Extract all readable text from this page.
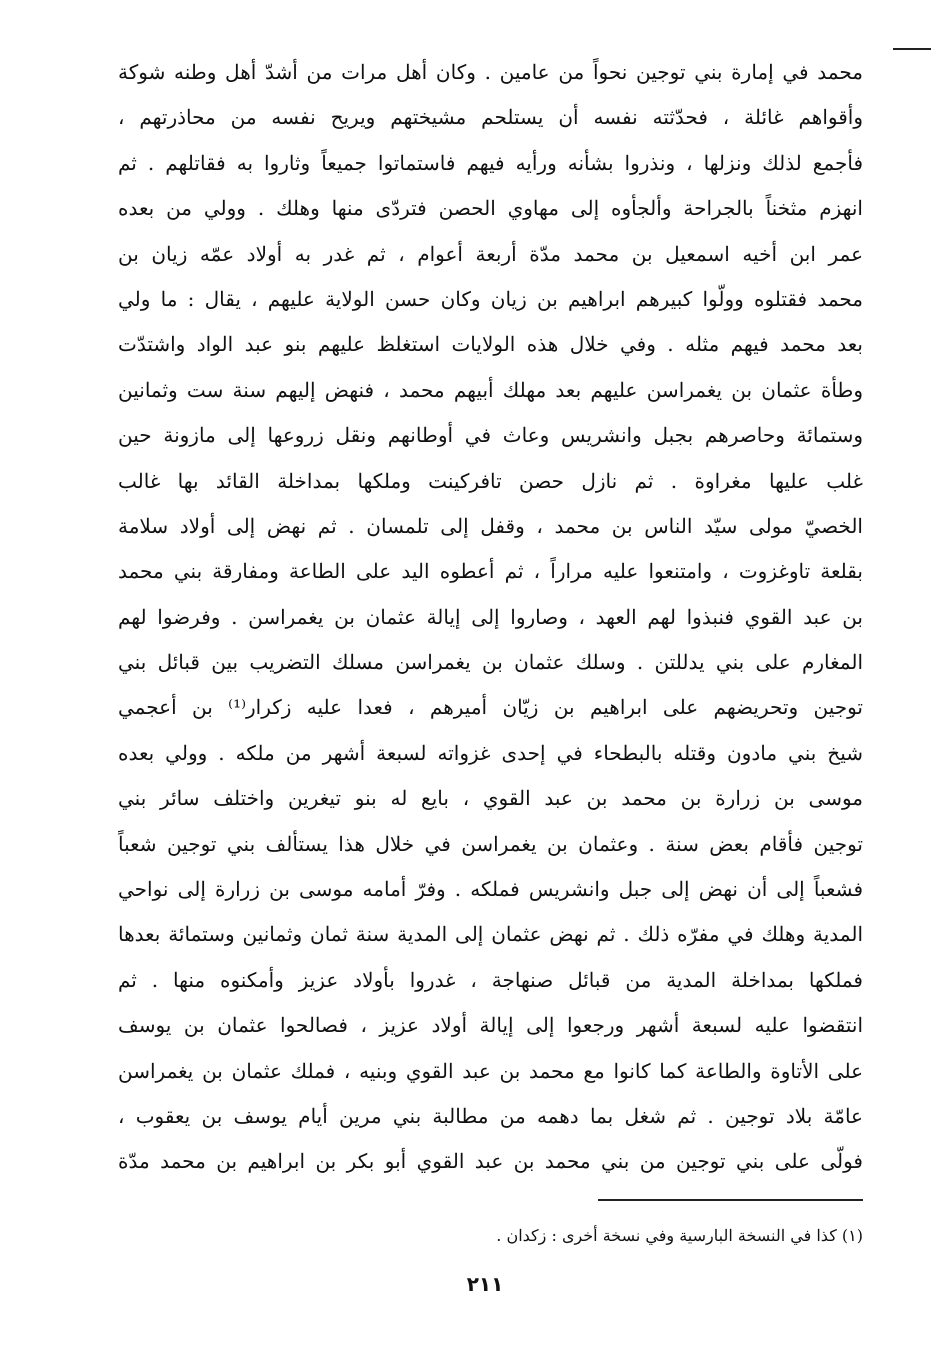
محمد في إمارة بني توجين نحواً من عامين . وكان أهل مرات من أشدّ أهل وطنه شوكة
وأقواهم غائلة ، فحدّثته نفسه أن يستلحم مشيختهم ويريح نفسه من محاذرتهم ،
فأجمع لذلك ونزلها ، ونذروا بشأنه ورأيه فيهم فاستماتوا جميعاً وثاروا به فقاتلهم . ثم
انهزم مثخناً بالجراحة وألجأوه إلى مهاوي الحصن فتردّى منها وهلك . وولي من بعده
عمر ابن أخيه اسمعيل بن محمد مدّة أربعة أعوام ، ثم غدر به أولاد عمّه زيان بن
محمد فقتلوه وولّوا كبيرهم ابراهيم بن زيان وكان حسن الولاية عليهم ، يقال : ما ولي
بعد محمد فيهم مثله . وفي خلال هذه الولايات استغلظ عليهم بنو عبد الواد واشتدّت
وطأة عثمان بن يغمراسن عليهم بعد مهلك أبيهم محمد ، فنهض إليهم سنة ست وثمانين
وستمائة وحاصرهم بجبل وانشريس وعاث في أوطانهم ونقل زروعها إلى مازونة حين
غلب عليها مغراوة . ثم نازل حصن تافركينت وملكها بمداخلة القائد بها غالب
الخصيّ مولى سيّد الناس بن محمد ، وقفل إلى تلمسان . ثم نهض إلى أولاد سلامة
بقلعة تاوغزوت ، وامتنعوا عليه مراراً ، ثم أعطوه اليد على الطاعة ومفارقة بني محمد
بن عبد القوي فنبذوا لهم العهد ، وصاروا إلى إيالة عثمان بن يغمراسن . وفرضوا لهم
المغارم على بني يدللتن . وسلك عثمان بن يغمراسن مسلك التضريب بين قبائل بني
توجين وتحريضهم على ابراهيم بن زيّان أميرهم ، فعدا عليه زكرار⁽¹⁾ بن أعجمي
شيخ بني مادون وقتله بالبطحاء في إحدى غزواته لسبعة أشهر من ملكه . وولي بعده
موسى بن زرارة بن محمد بن عبد القوي ، بايع له بنو تيغرين واختلف سائر بني
توجين فأقام بعض سنة . وعثمان بن يغمراسن في خلال هذا يستألف بني توجين شعباً
فشعباً إلى أن نهض إلى جبل وانشريس فملكه . وفرّ أمامه موسى بن زرارة إلى نواحي
المدية وهلك في مفرّه ذلك . ثم نهض عثمان إلى المدية سنة ثمان وثمانين وستمائة بعدها
فملكها بمداخلة المدية من قبائل صنهاجة ، غدروا بأولاد عزيز وأمكنوه منها . ثم
انتقضوا عليه لسبعة أشهر ورجعوا إلى إيالة أولاد عزيز ، فصالحوا عثمان بن يوسف
على الأتاوة والطاعة كما كانوا مع محمد بن عبد القوي وبنيه ، فملك عثمان بن يغمراسن
عامّة بلاد توجين . ثم شغل بما دهمه من مطالبة بني مرين أيام يوسف بن يعقوب ،
فولّى على بني توجين من بني محمد بن عبد القوي أبو بكر بن ابراهيم بن محمد مدّة
(١) كذا في النسخة البارسية وفي نسخة أخرى : زكدان .
٢١١
